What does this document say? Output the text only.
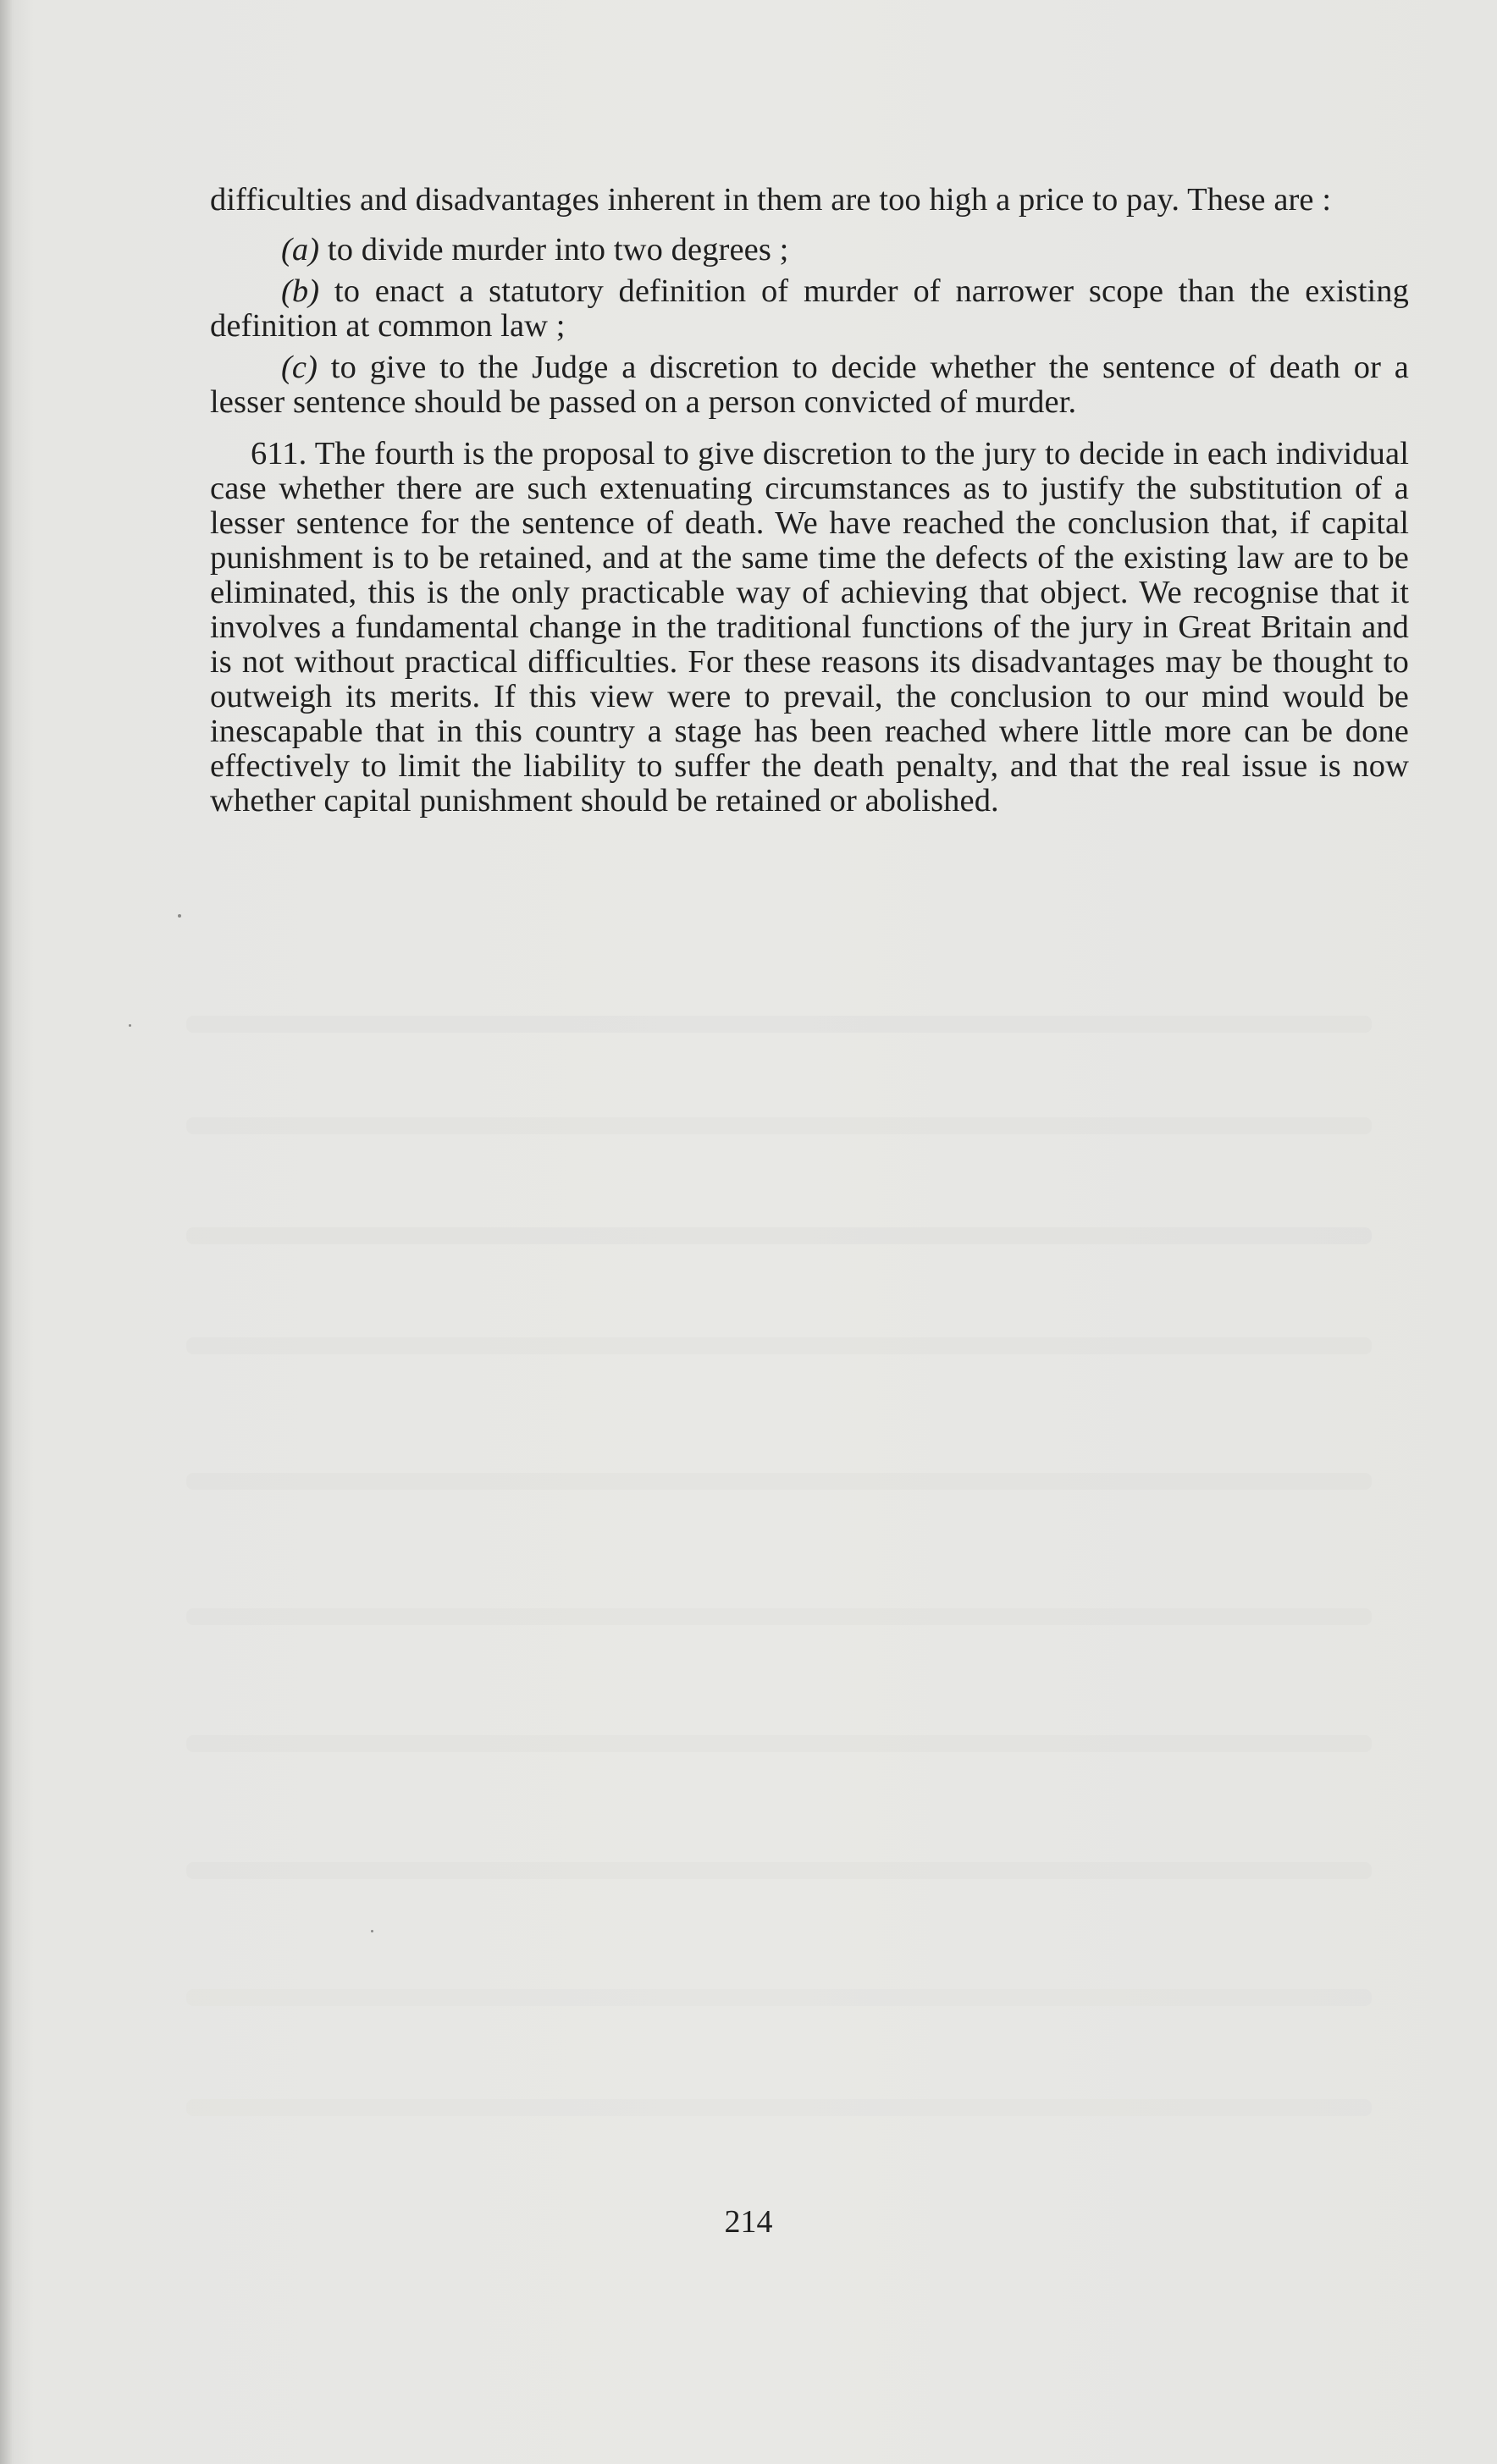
difficulties and disadvantages inherent in them are too high a price to pay. These are :

(a) to divide murder into two degrees ;

(b) to enact a statutory definition of murder of narrower scope than the existing definition at common law ;

(c) to give to the Judge a discretion to decide whether the sentence of death or a lesser sentence should be passed on a person convicted of murder.

611. The fourth is the proposal to give discretion to the jury to decide in each individual case whether there are such extenuating circumstances as to justify the substitution of a lesser sentence for the sentence of death. We have reached the conclusion that, if capital punishment is to be retained, and at the same time the defects of the existing law are to be eliminated, this is the only practicable way of achieving that object. We recognise that it involves a fundamental change in the traditional functions of the jury in Great Britain and is not without practical difficulties. For these reasons its disadvantages may be thought to outweigh its merits. If this view were to prevail, the conclusion to our mind would be inescapable that in this country a stage has been reached where little more can be done effectively to limit the liability to suffer the death penalty, and that the real issue is now whether capital punishment should be retained or abolished.

214
